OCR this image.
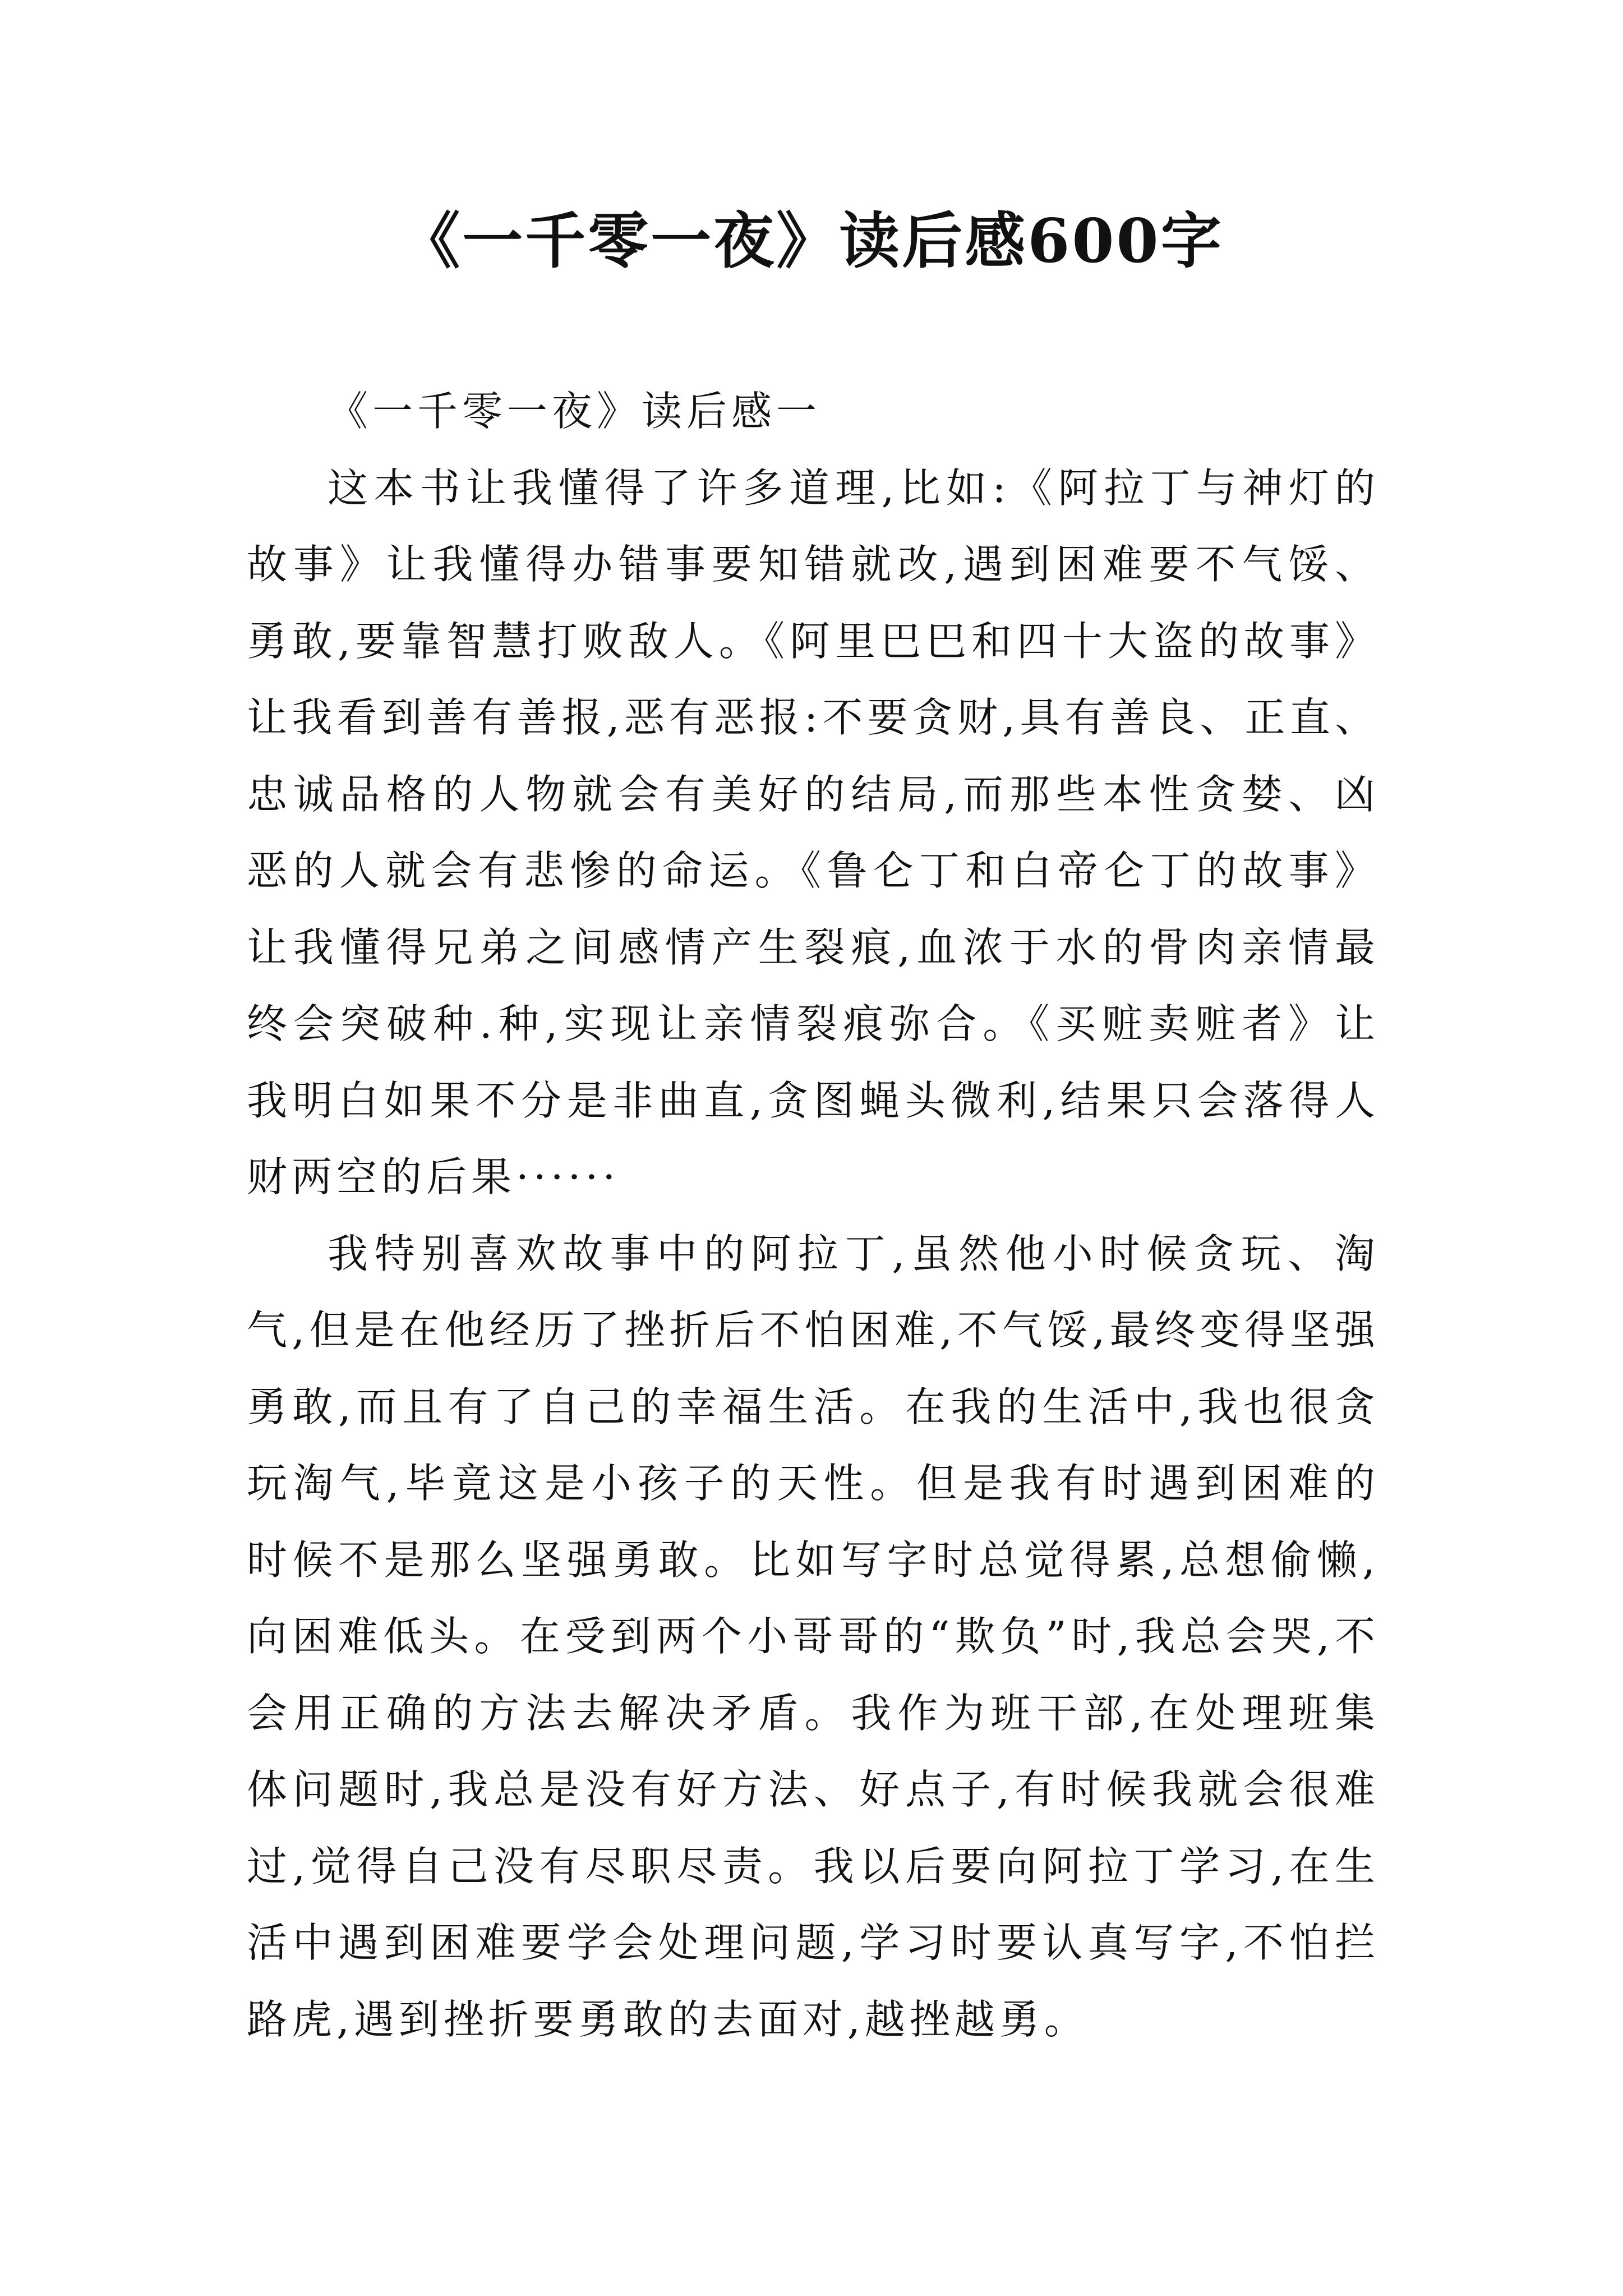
《一千零一夜》读后感600字

《一千零一夜》读后感一

这本书让我懂得了许多道理,比如:《阿拉丁与神灯的故事》让我懂得办错事要知错就改,遇到困难要不气馁、勇敢,要靠智慧打败敌人。《阿里巴巴和四十大盗的故事》让我看到善有善报,恶有恶报:不要贪财,具有善良、正直、忠诚品格的人物就会有美好的结局,而那些本性贪婪、凶恶的人就会有悲惨的命运。《鲁仑丁和白帝仑丁的故事》让我懂得兄弟之间感情产生裂痕,血浓于水的骨肉亲情最终会突破种.种,实现让亲情裂痕弥合。《买赃卖赃者》让我明白如果不分是非曲直,贪图蝇头微利,结果只会落得人财两空的后果······

我特别喜欢故事中的阿拉丁,虽然他小时候贪玩、淘气,但是在他经历了挫折后不怕困难,不气馁,最终变得坚强勇敢,而且有了自己的幸福生活。在我的生活中,我也很贪玩淘气,毕竟这是小孩子的天性。但是我有时遇到困难的时候不是那么坚强勇敢。比如写字时总觉得累,总想偷懒,向困难低头。在受到两个小哥哥的“欺负”时,我总会哭,不会用正确的方法去解决矛盾。我作为班干部,在处理班集体问题时,我总是没有好方法、好点子,有时候我就会很难过,觉得自己没有尽职尽责。我以后要向阿拉丁学习,在生活中遇到困难要学会处理问题,学习时要认真写字,不怕拦路虎,遇到挫折要勇敢的去面对,越挫越勇。
